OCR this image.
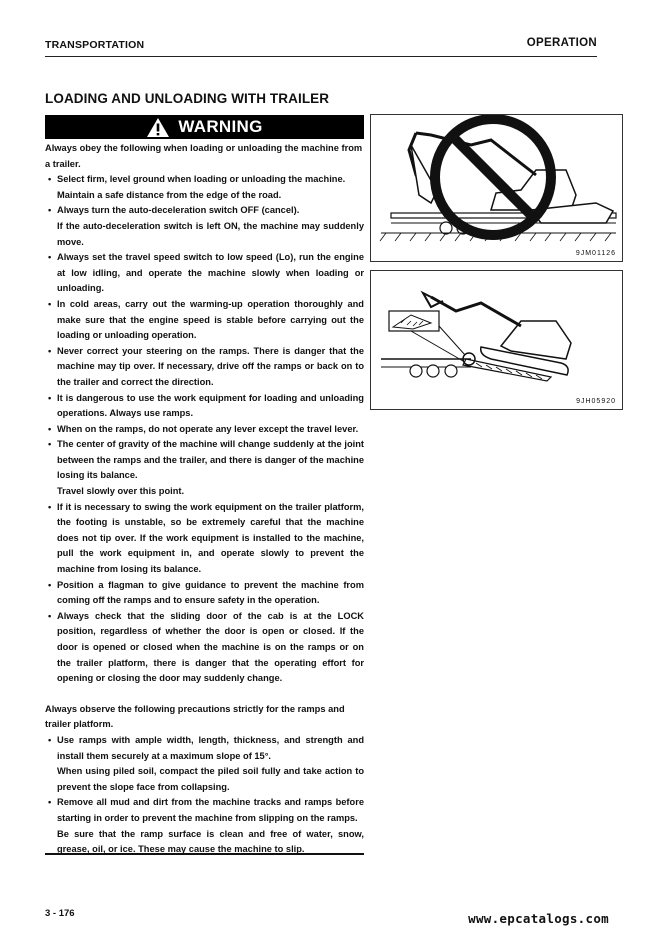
TRANSPORTATION	OPERATION
LOADING AND UNLOADING WITH TRAILER
WARNING

Always obey the following when loading or unloading the machine from a trailer.

• Select firm, level ground when loading or unloading the machine.
Maintain a safe distance from the edge of the road.
• Always turn the auto-deceleration switch OFF (cancel).
If the auto-deceleration switch is left ON, the machine may suddenly move.
• Always set the travel speed switch to low speed (Lo), run the engine at low idling, and operate the machine slowly when loading or unloading.
• In cold areas, carry out the warming-up operation thoroughly and make sure that the engine speed is stable before carrying out the loading or unloading operation.
• Never correct your steering on the ramps. There is danger that the machine may tip over. If necessary, drive off the ramps or back on to the trailer and correct the direction.
• It is dangerous to use the work equipment for loading and unloading operations. Always use ramps.
• When on the ramps, do not operate any lever except the travel lever.
• The center of gravity of the machine will change suddenly at the joint between the ramps and the trailer, and there is danger of the machine losing its balance.
Travel slowly over this point.
• If it is necessary to swing the work equipment on the trailer platform, the footing is unstable, so be extremely careful that the machine does not tip over. If the work equipment is installed to the machine, pull the work equipment in, and operate slowly to prevent the machine from losing its balance.
• Position a flagman to give guidance to prevent the machine from coming off the ramps and to ensure safety in the operation.
• Always check that the sliding door of the cab is at the LOCK position, regardless of whether the door is open or closed. If the door is opened or closed when the machine is on the ramps or on the trailer platform, there is danger that the operating effort for opening or closing the door may suddenly change.

Always observe the following precautions strictly for the ramps and trailer platform.

• Use ramps with ample width, length, thickness, and strength and install them securely at a maximum slope of 15°.
When using piled soil, compact the piled soil fully and take action to prevent the slope face from collapsing.
• Remove all mud and dirt from the machine tracks and ramps before starting in order to prevent the machine from slipping on the ramps.
Be sure that the ramp surface is clean and free of water, snow, grease, oil, or ice. These may cause the machine to slip.
9JM01126
9JH05920
3 - 176	www.epcatalogs.com
